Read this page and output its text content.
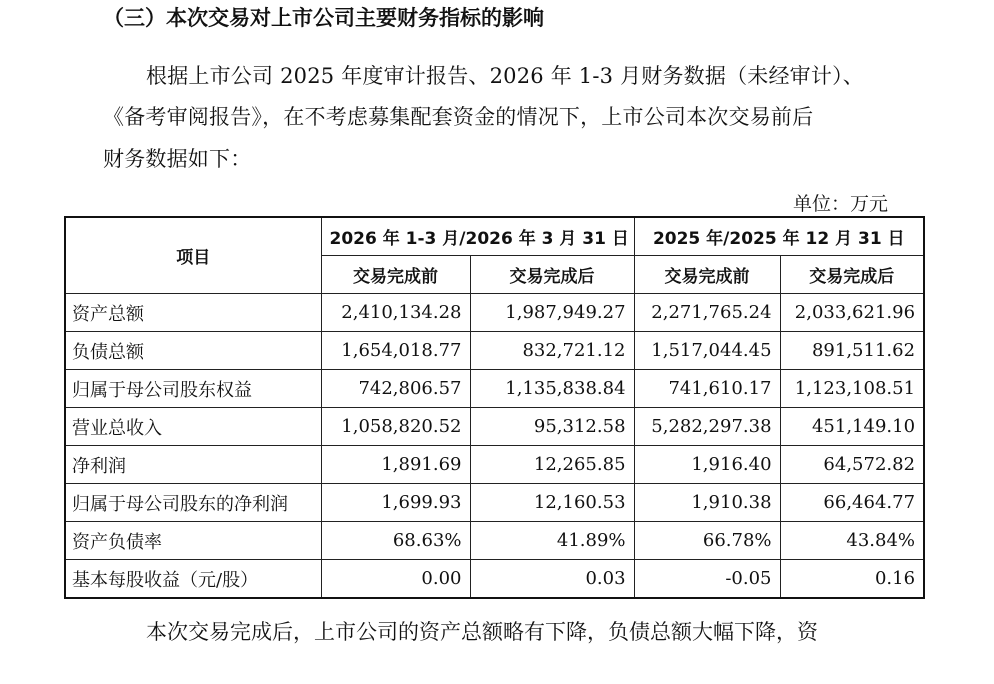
（三）本次交易对上市公司主要财务指标的影响
根据上市公司 2025 年度审计报告、2026 年 1-3 月财务数据（未经审计）、
《备考审阅报告》，在不考虑募集配套资金的情况下，上市公司本次交易前后
财务数据如下：
单位：万元
项目	2026 年 1-3 月/2026 年 3 月 31 日		2025 年/2025 年 12 月 31 日	
	交易完成前	交易完成后	交易完成前	交易完成后
资产总额	2,410,134.28	1,987,949.27	2,271,765.24	2,033,621.96
负债总额	1,654,018.77	832,721.12	1,517,044.45	891,511.62
归属于母公司股东权益	742,806.57	1,135,838.84	741,610.17	1,123,108.51
营业总收入	1,058,820.52	95,312.58	5,282,297.38	451,149.10
净利润	1,891.69	12,265.85	1,916.40	64,572.82
归属于母公司股东的净利润	1,699.93	12,160.53	1,910.38	66,464.77
资产负债率	68.63%	41.89%	66.78%	43.84%
基本每股收益（元/股）	0.00	0.03	-0.05	0.16
本次交易完成后，上市公司的资产总额略有下降，负债总额大幅下降，资
